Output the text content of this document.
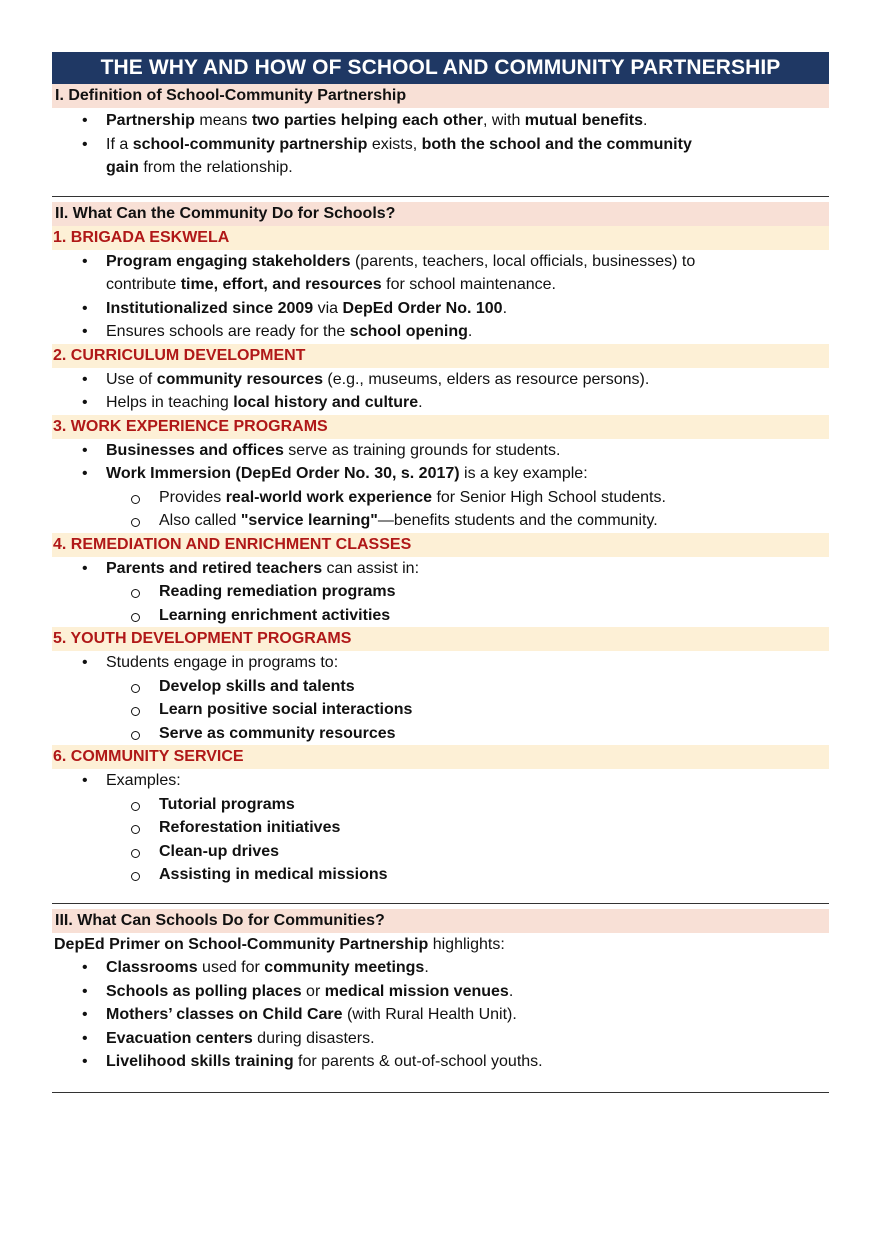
THE WHY AND HOW OF SCHOOL AND COMMUNITY PARTNERSHIP
I. Definition of School-Community Partnership
• Partnership means two parties helping each other, with mutual benefits.
• If a school-community partnership exists, both the school and the community
gain from the relationship.
II. What Can the Community Do for Schools?
1. BRIGADA ESKWELA
• Program engaging stakeholders (parents, teachers, local officials, businesses) to
contribute time, effort, and resources for school maintenance.
• Institutionalized since 2009 via DepEd Order No. 100.
• Ensures schools are ready for the school opening.
2. CURRICULUM DEVELOPMENT
• Use of community resources (e.g., museums, elders as resource persons).
• Helps in teaching local history and culture.
3. WORK EXPERIENCE PROGRAMS
• Businesses and offices serve as training grounds for students.
• Work Immersion (DepEd Order No. 30, s. 2017) is a key example:
Provides real-world work experience for Senior High School students.
Also called "service learning"—benefits students and the community.
4. REMEDIATION AND ENRICHMENT CLASSES
• Parents and retired teachers can assist in:
Reading remediation programs
Learning enrichment activities
5. YOUTH DEVELOPMENT PROGRAMS
• Students engage in programs to:
Develop skills and talents
Learn positive social interactions
Serve as community resources
6. COMMUNITY SERVICE
• Examples:
Tutorial programs
Reforestation initiatives
Clean-up drives
Assisting in medical missions
III. What Can Schools Do for Communities?
DepEd Primer on School-Community Partnership highlights:
• Classrooms used for community meetings.
• Schools as polling places or medical mission venues.
• Mothers’ classes on Child Care (with Rural Health Unit).
• Evacuation centers during disasters.
• Livelihood skills training for parents & out-of-school youths.
